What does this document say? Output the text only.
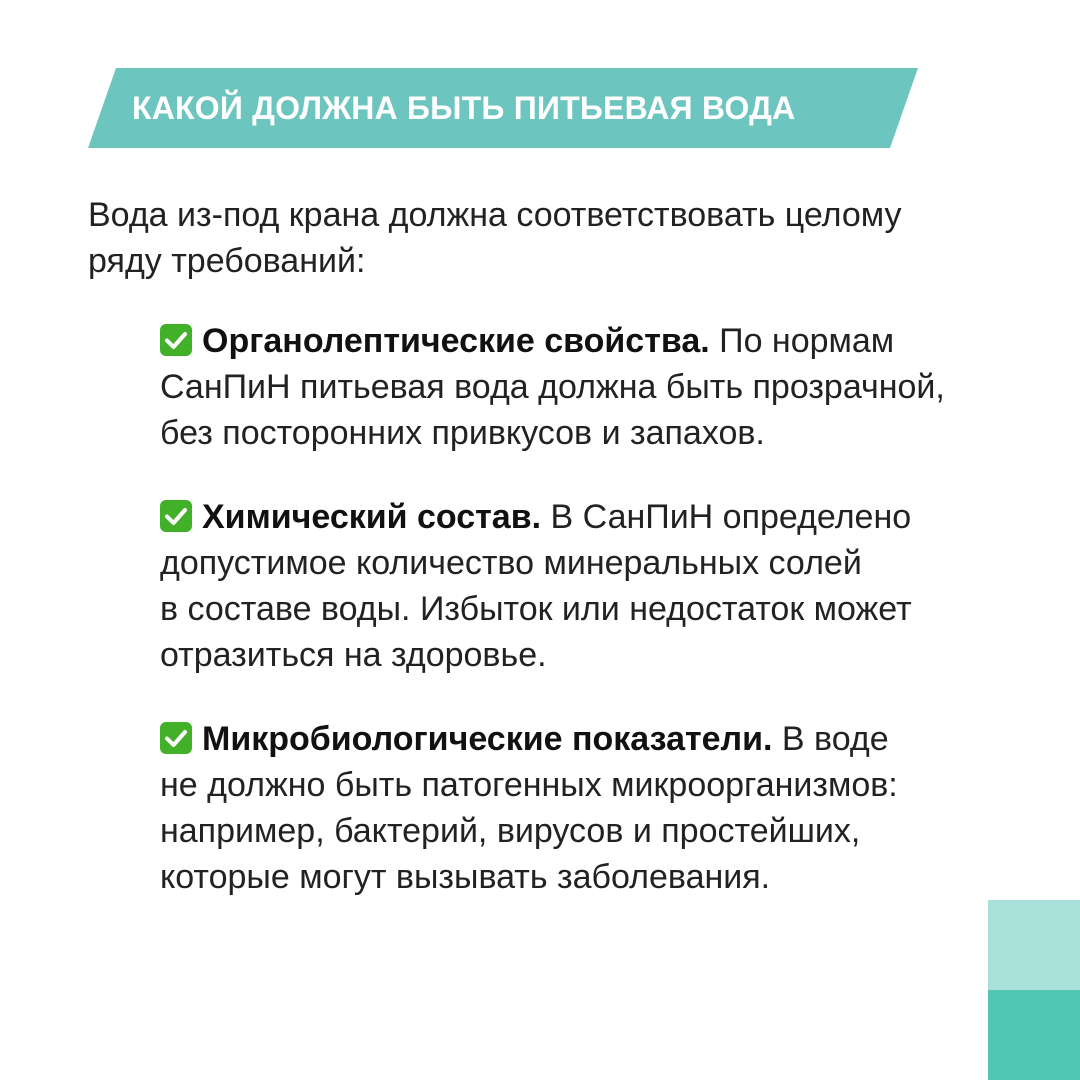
КАКОЙ ДОЛЖНА БЫТЬ ПИТЬЕВАЯ ВОДА
Вода из-под крана должна соответствовать целому
ряду требований:
Органолептические свойства. По нормам
СанПиН питьевая вода должна быть прозрачной,
без посторонних привкусов и запахов.
Химический состав. В СанПиН определено
допустимое количество минеральных солей
в составе воды. Избыток или недостаток может
отразиться на здоровье.
Микробиологические показатели. В воде
не должно быть патогенных микроорганизмов:
например, бактерий, вирусов и простейших,
которые могут вызывать заболевания.
